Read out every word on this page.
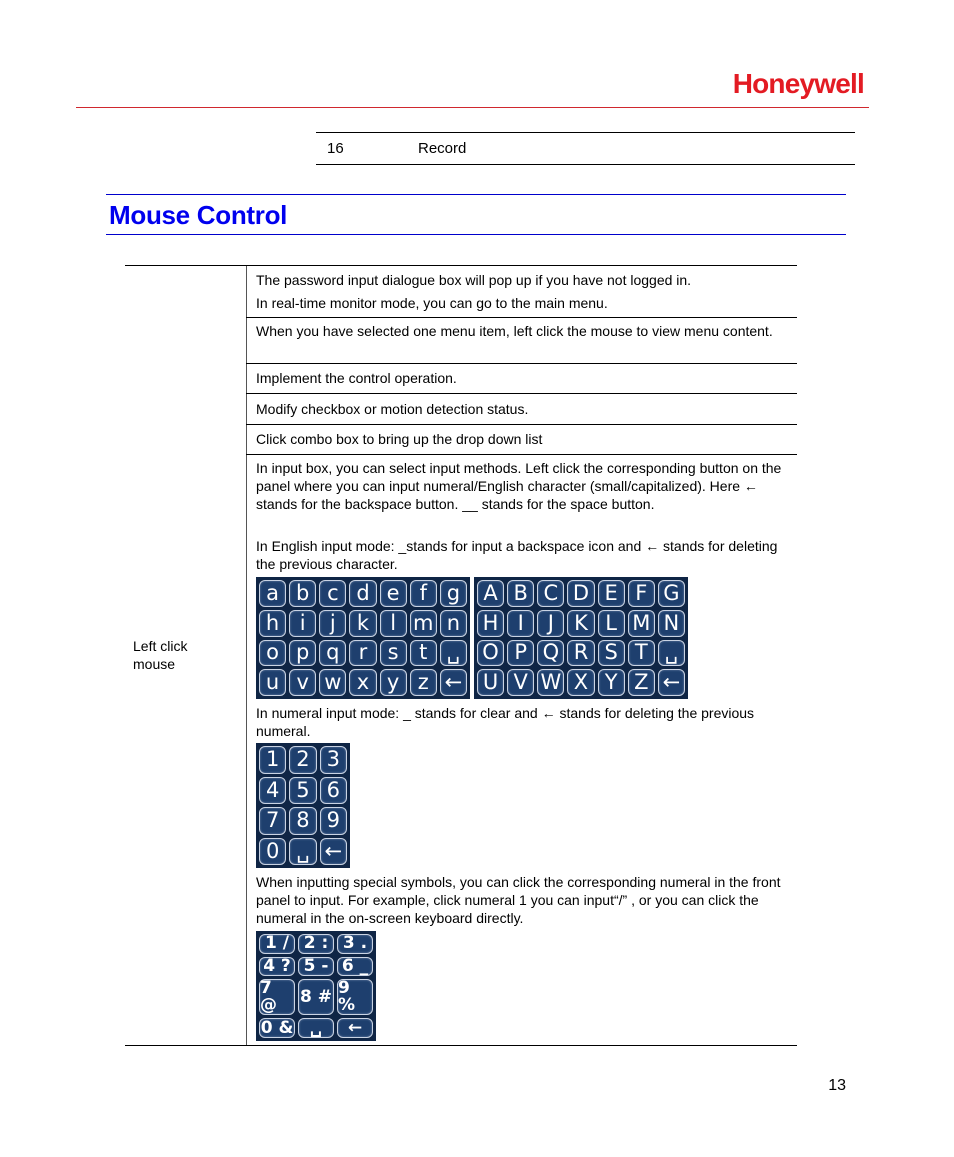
Honeywell
16	Record
Mouse Control
Left click mouse
The password input dialogue box will pop up if you have not logged in.
In real-time monitor mode, you can go to the main menu.
When you have selected one menu item, left click the mouse to view menu content.
Implement the control operation.
Modify checkbox or motion detection status.
Click combo box to bring up the drop down list
In input box, you can select input methods. Left click the corresponding button on the panel where you can input numeral/English character (small/capitalized). Here ← stands for the backspace button. __ stands for the space button.
In English input mode: _stands for input a backspace icon and ← stands for deleting the previous character.
a b c d e f g
h i	j	k	l m n
o p q r s t ␣
u v w x y z ←
A B C D E F G
H I	J K L M N
O P Q R S T ␣
U V W X Y Z ←
In numeral input mode: _ stands for clear and ← stands for deleting the previous numeral.
1 2 3
4 5 6
7 8 9
0 ␣ ←
When inputting special symbols, you can click the corresponding numeral in the front panel to input. For example, click numeral 1 you can input“/” , or you can click the numeral in the on-screen keyboard directly.
1 / 2 : 3 .
4 ? 5 - 6 _
7 @	8 # 9 %
0 & ␣	←
13
